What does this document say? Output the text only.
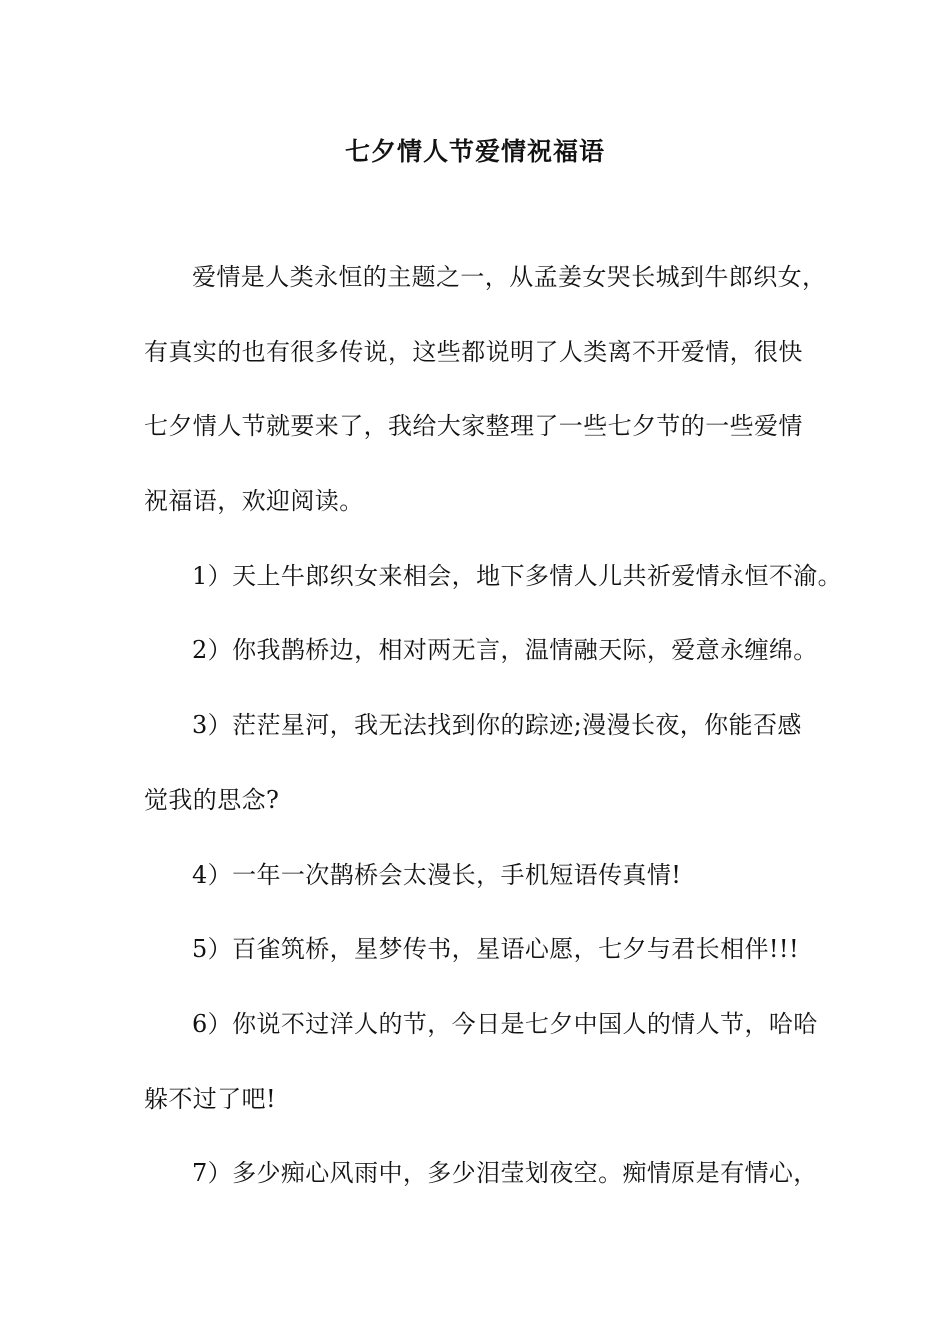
七夕情人节爱情祝福语
爱情是人类永恒的主题之一，从孟姜女哭长城到牛郎织女，
有真实的也有很多传说，这些都说明了人类离不开爱情，很快
七夕情人节就要来了，我给大家整理了一些七夕节的一些爱情
祝福语，欢迎阅读。
1）天上牛郎织女来相会，地下多情人儿共祈爱情永恒不渝。
2）你我鹊桥边，相对两无言，温情融天际，爱意永缠绵。
3）茫茫星河，我无法找到你的踪迹;漫漫长夜，你能否感
觉我的思念?
4）一年一次鹊桥会太漫长，手机短语传真情!
5）百雀筑桥，星梦传书，星语心愿，七夕与君长相伴!!!
6）你说不过洋人的节，今日是七夕中国人的情人节，哈哈
躲不过了吧!
7）多少痴心风雨中，多少泪莹划夜空。痴情原是有情心，
